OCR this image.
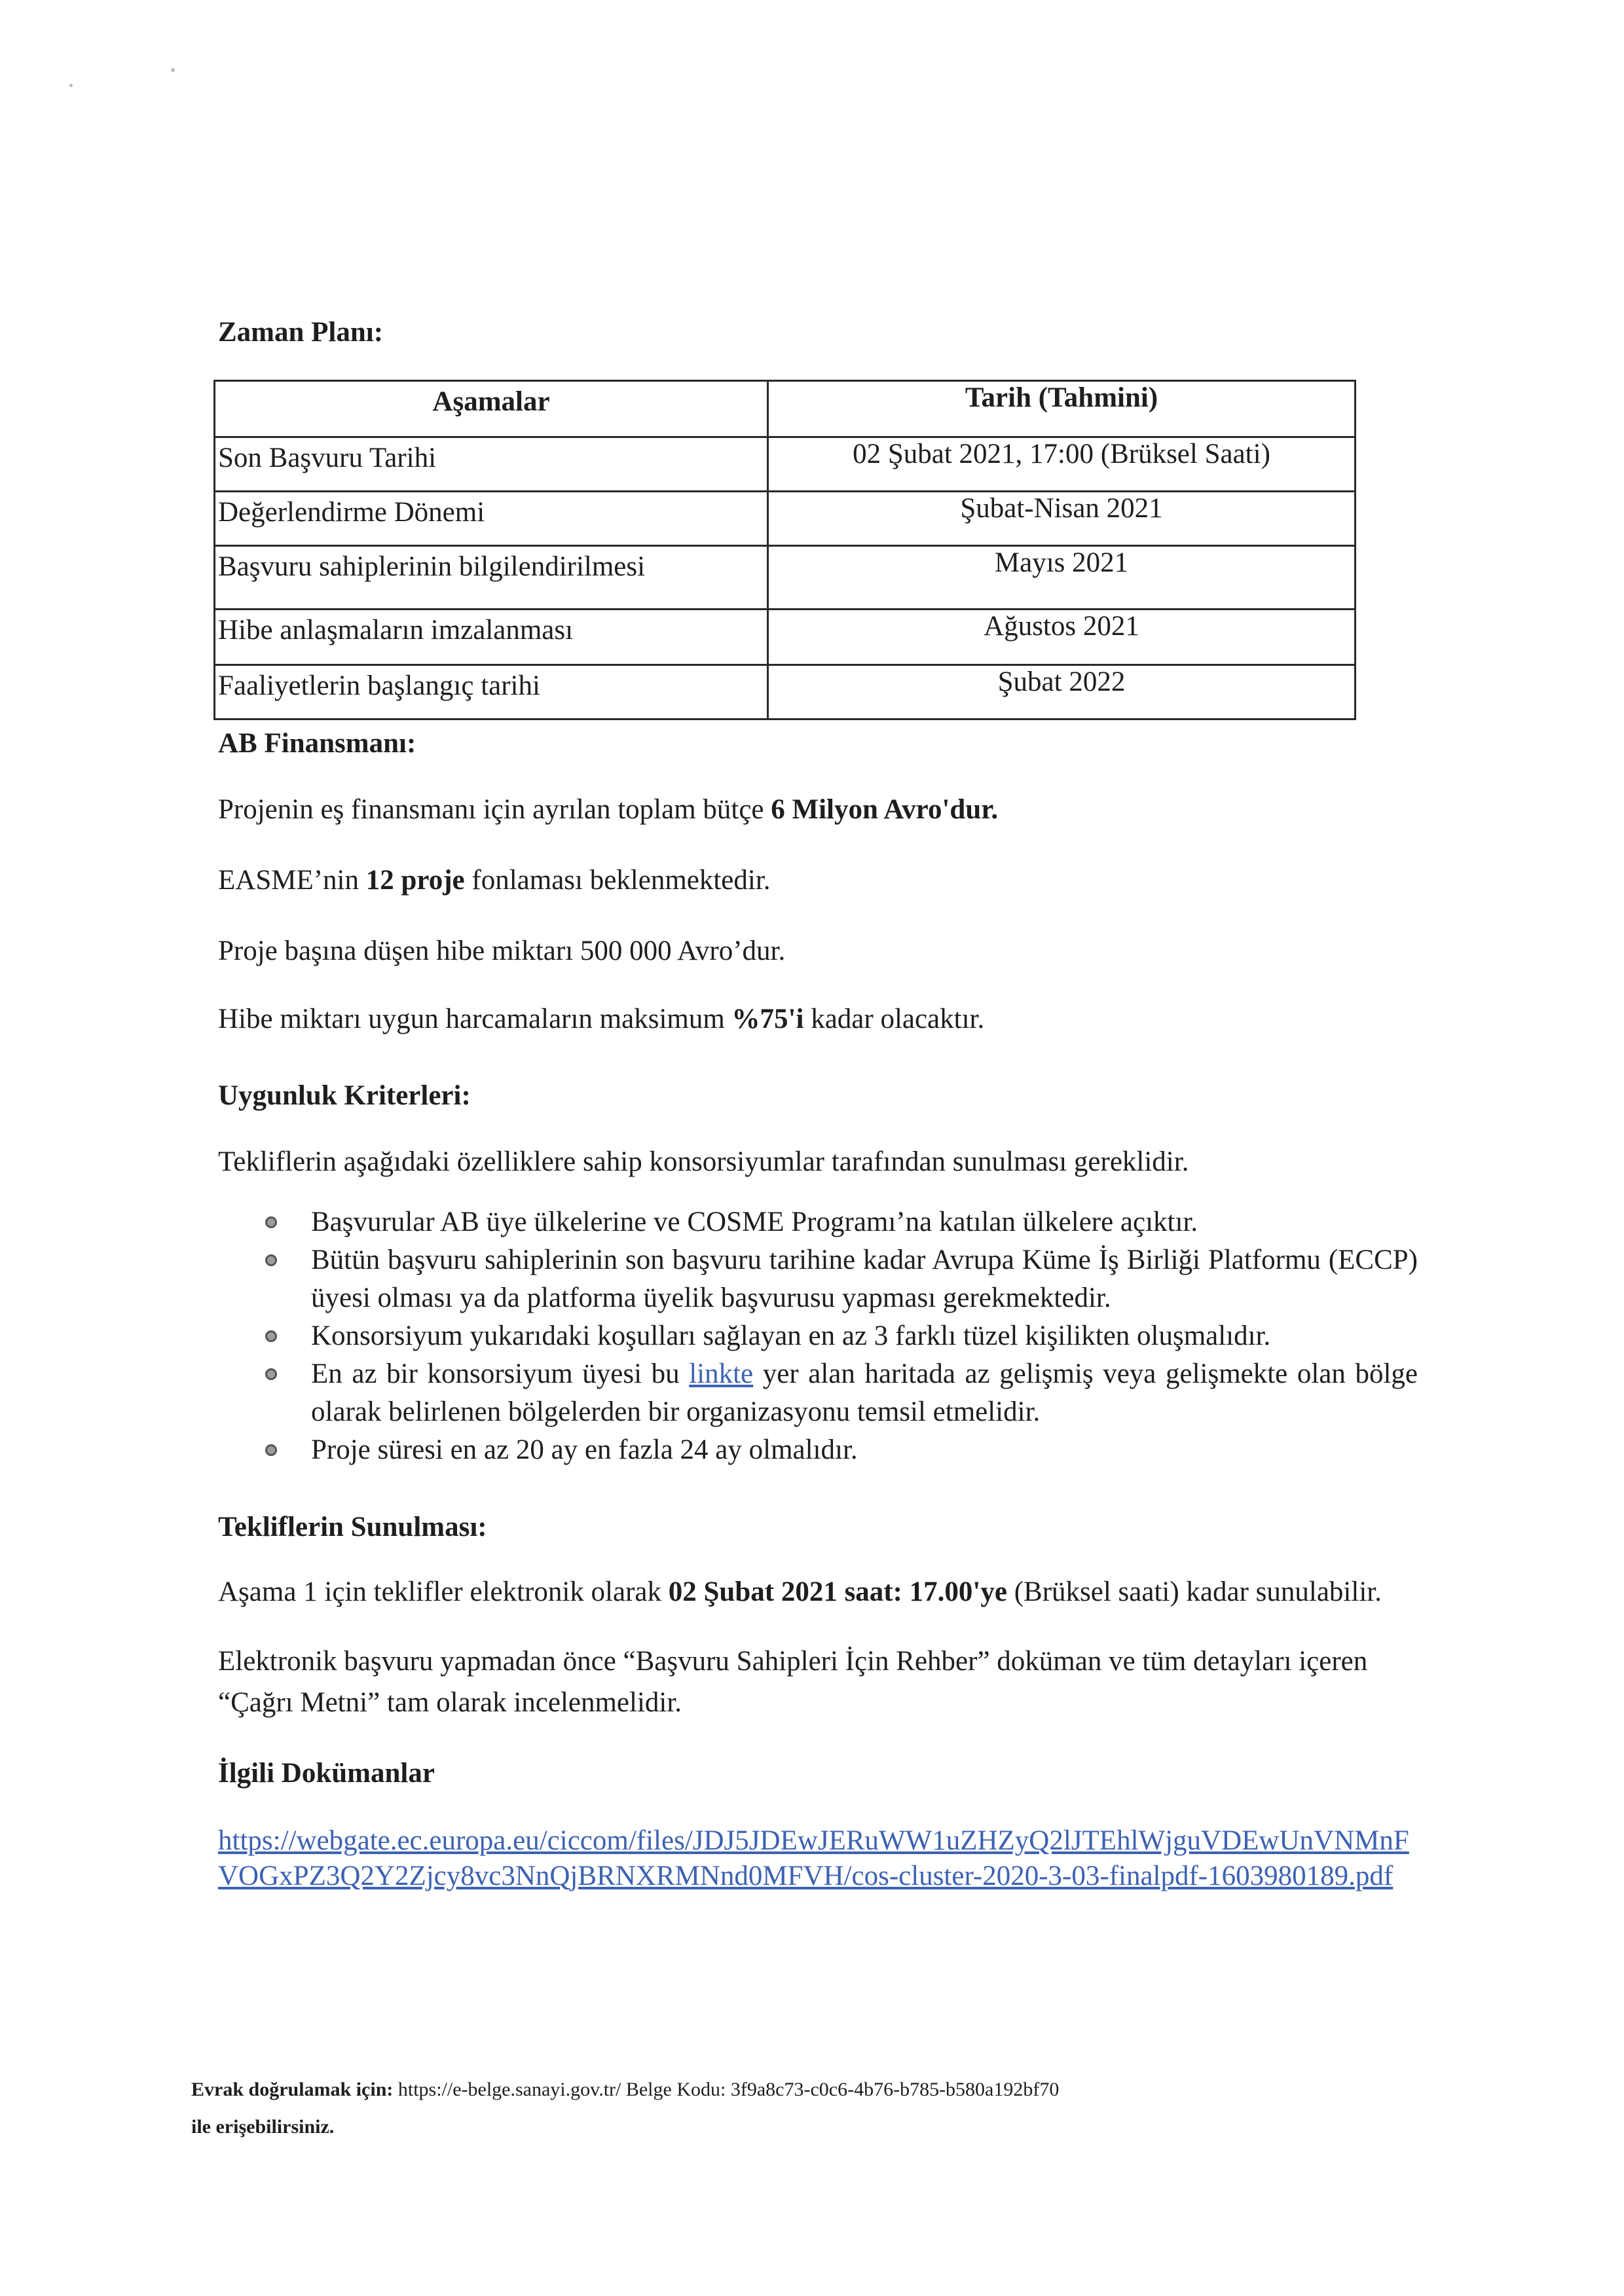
Zaman Planı:
Aşamalar	Tarih (Tahmini)
Son Başvuru Tarihi	02 Şubat 2021, 17:00 (Brüksel Saati)
Değerlendirme Dönemi	Şubat-Nisan 2021
Başvuru sahiplerinin bilgilendirilmesi	Mayıs 2021
Hibe anlaşmaların imzalanması	Ağustos 2021
Faaliyetlerin başlangıç tarihi	Şubat 2022
AB Finansmanı:
Projenin eş finansmanı için ayrılan toplam bütçe 6 Milyon Avro'dur.
EASME’nin 12 proje fonlaması beklenmektedir.
Proje başına düşen hibe miktarı 500 000 Avro’dur.
Hibe miktarı uygun harcamaların maksimum %75'i kadar olacaktır.
Uygunluk Kriterleri:
Tekliflerin aşağıdaki özelliklere sahip konsorsiyumlar tarafından sunulması gereklidir.
Başvurular AB üye ülkelerine ve COSME Programı’na katılan ülkelere açıktır.
Bütün başvuru sahiplerinin son başvuru tarihine kadar Avrupa Küme İş Birliği Platformu (ECCP)
üyesi olması ya da platforma üyelik başvurusu yapması gerekmektedir.
Konsorsiyum yukarıdaki koşulları sağlayan en az 3 farklı tüzel kişilikten oluşmalıdır.
En az bir konsorsiyum üyesi bu linkte yer alan haritada az gelişmiş veya gelişmekte olan bölge
olarak belirlenen bölgelerden bir organizasyonu temsil etmelidir.
Proje süresi en az 20 ay en fazla 24 ay olmalıdır.
Tekliflerin Sunulması:
Aşama 1 için teklifler elektronik olarak 02 Şubat 2021 saat: 17.00'ye (Brüksel saati) kadar sunulabilir.
Elektronik başvuru yapmadan önce “Başvuru Sahipleri İçin Rehber” doküman ve tüm detayları içeren
“Çağrı Metni” tam olarak incelenmelidir.
İlgili Dokümanlar
https://webgate.ec.europa.eu/ciccom/files/JDJ5JDEwJERuWW1uZHZyQ2lJTEhlWjguVDEwUnVNMnF
VOGxPZ3Q2Y2Zjcy8vc3NnQjBRNXRMNnd0MFVH/cos-cluster-2020-3-03-finalpdf-1603980189.pdf
Evrak doğrulamak için: https://e-belge.sanayi.gov.tr/ Belge Kodu: 3f9a8c73-c0c6-4b76-b785-b580a192bf70
ile erişebilirsiniz.
